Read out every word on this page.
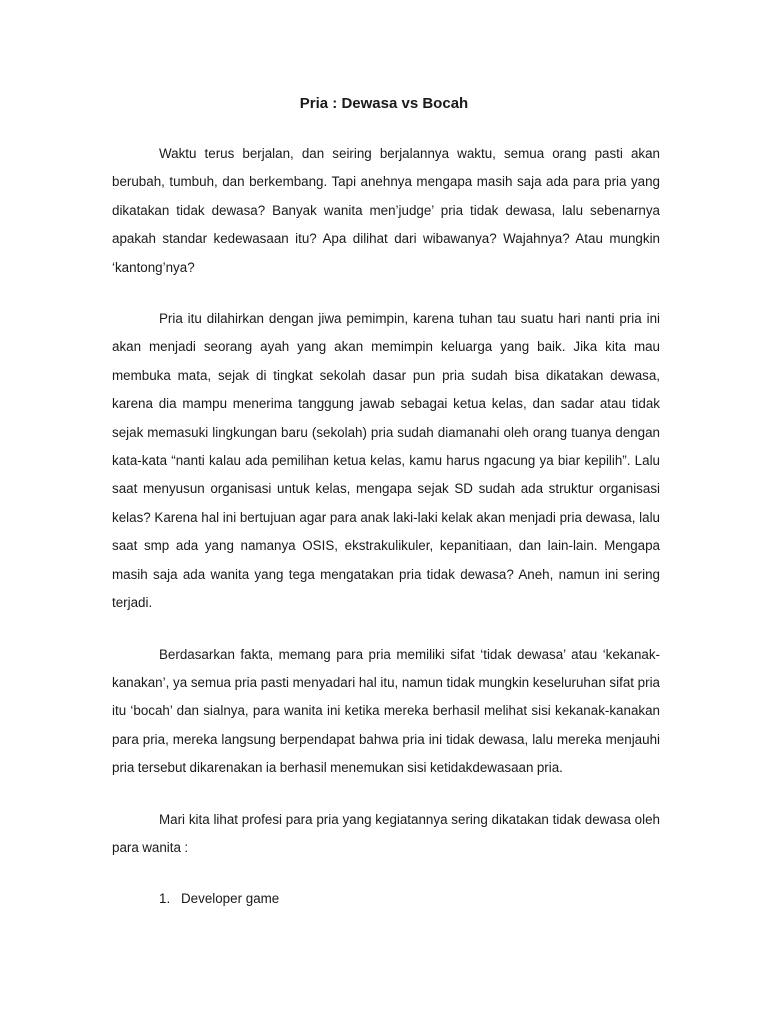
Pria : Dewasa vs Bocah

Waktu terus berjalan, dan seiring berjalannya waktu, semua orang pasti akan berubah, tumbuh, dan berkembang. Tapi anehnya mengapa masih saja ada para pria yang dikatakan tidak dewasa? Banyak wanita men’judge’ pria tidak dewasa, lalu sebenarnya apakah standar kedewasaan itu? Apa dilihat dari wibawanya? Wajahnya? Atau mungkin ‘kantong’nya?

Pria itu dilahirkan dengan jiwa pemimpin, karena tuhan tau suatu hari nanti pria ini akan menjadi seorang ayah yang akan memimpin keluarga yang baik. Jika kita mau membuka mata, sejak di tingkat sekolah dasar pun pria sudah bisa dikatakan dewasa, karena dia mampu menerima tanggung jawab sebagai ketua kelas, dan sadar atau tidak sejak memasuki lingkungan baru (sekolah) pria sudah diamanahi oleh orang tuanya dengan kata-kata “nanti kalau ada pemilihan ketua kelas, kamu harus ngacung ya biar kepilih”. Lalu saat menyusun organisasi untuk kelas, mengapa sejak SD sudah ada struktur organisasi kelas? Karena hal ini bertujuan agar para anak laki-laki kelak akan menjadi pria dewasa, lalu saat smp ada yang namanya OSIS, ekstrakulikuler, kepanitiaan, dan lain-lain. Mengapa masih saja ada wanita yang tega mengatakan pria tidak dewasa? Aneh, namun ini sering terjadi.

Berdasarkan fakta, memang para pria memiliki sifat ‘tidak dewasa’ atau ‘kekanak-kanakan’, ya semua pria pasti menyadari hal itu, namun tidak mungkin keseluruhan sifat pria itu ‘bocah’ dan sialnya, para wanita ini ketika mereka berhasil melihat sisi kekanak-kanakan para pria, mereka langsung berpendapat bahwa pria ini tidak dewasa, lalu mereka menjauhi pria tersebut dikarenakan ia berhasil menemukan sisi ketidakdewasaan pria.

Mari kita lihat profesi para pria yang kegiatannya sering dikatakan tidak dewasa oleh para wanita :

1. Developer game
